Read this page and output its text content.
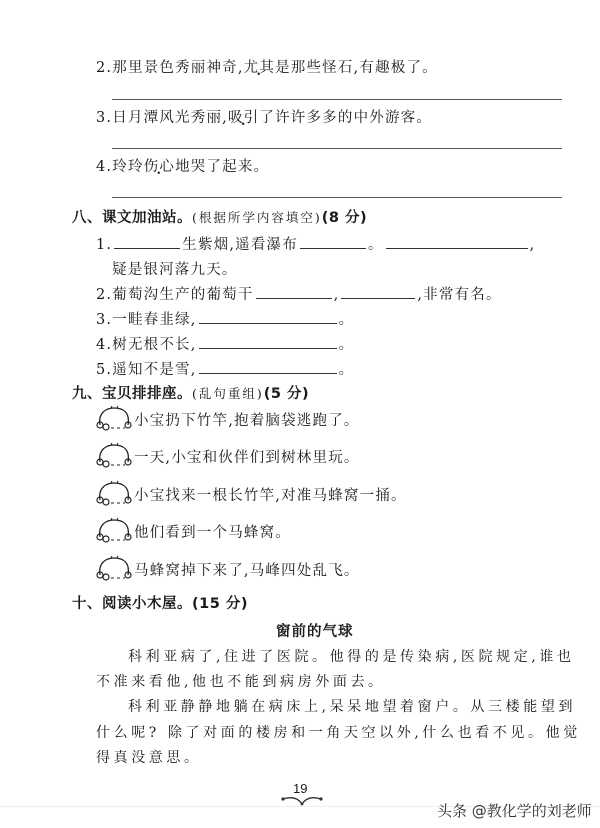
2.那里景色秀丽神奇,尤其是那些怪石,有趣极了。
3.日月潭风光秀丽,吸引了许许多多的中外游客。
4.玲玲伤心地哭了起来。
八、课文加油站。(根据所学内容填空)(8 分)
1.	生紫烟,遥看瀑布	。	,
疑是银河落九天。
2.葡萄沟生产的葡萄干	,	,非常有名。
3.一畦春韭绿,	。
4.树无根不长,	。
5.遥知不是雪,	。
九、宝贝排排座。(乱句重组)(5 分)
小宝扔下竹竿,抱着脑袋逃跑了。
一天,小宝和伙伴们到树林里玩。
小宝找来一根长竹竿,对准马蜂窝一捅。
他们看到一个马蜂窝。
马蜂窝掉下来了,马峰四处乱飞。
十、阅读小木屋。(15 分)
窗前的气球
科利亚病了,住进了医院。他得的是传染病,医院规定,谁也
不准来看他,他也不能到病房外面去。
科利亚静静地躺在病床上,呆呆地望着窗户。从三楼能望到
什么呢? 除了对面的楼房和一角天空以外,什么也看不见。他觉
得真没意思。
19
头条 @教化学的刘老师
